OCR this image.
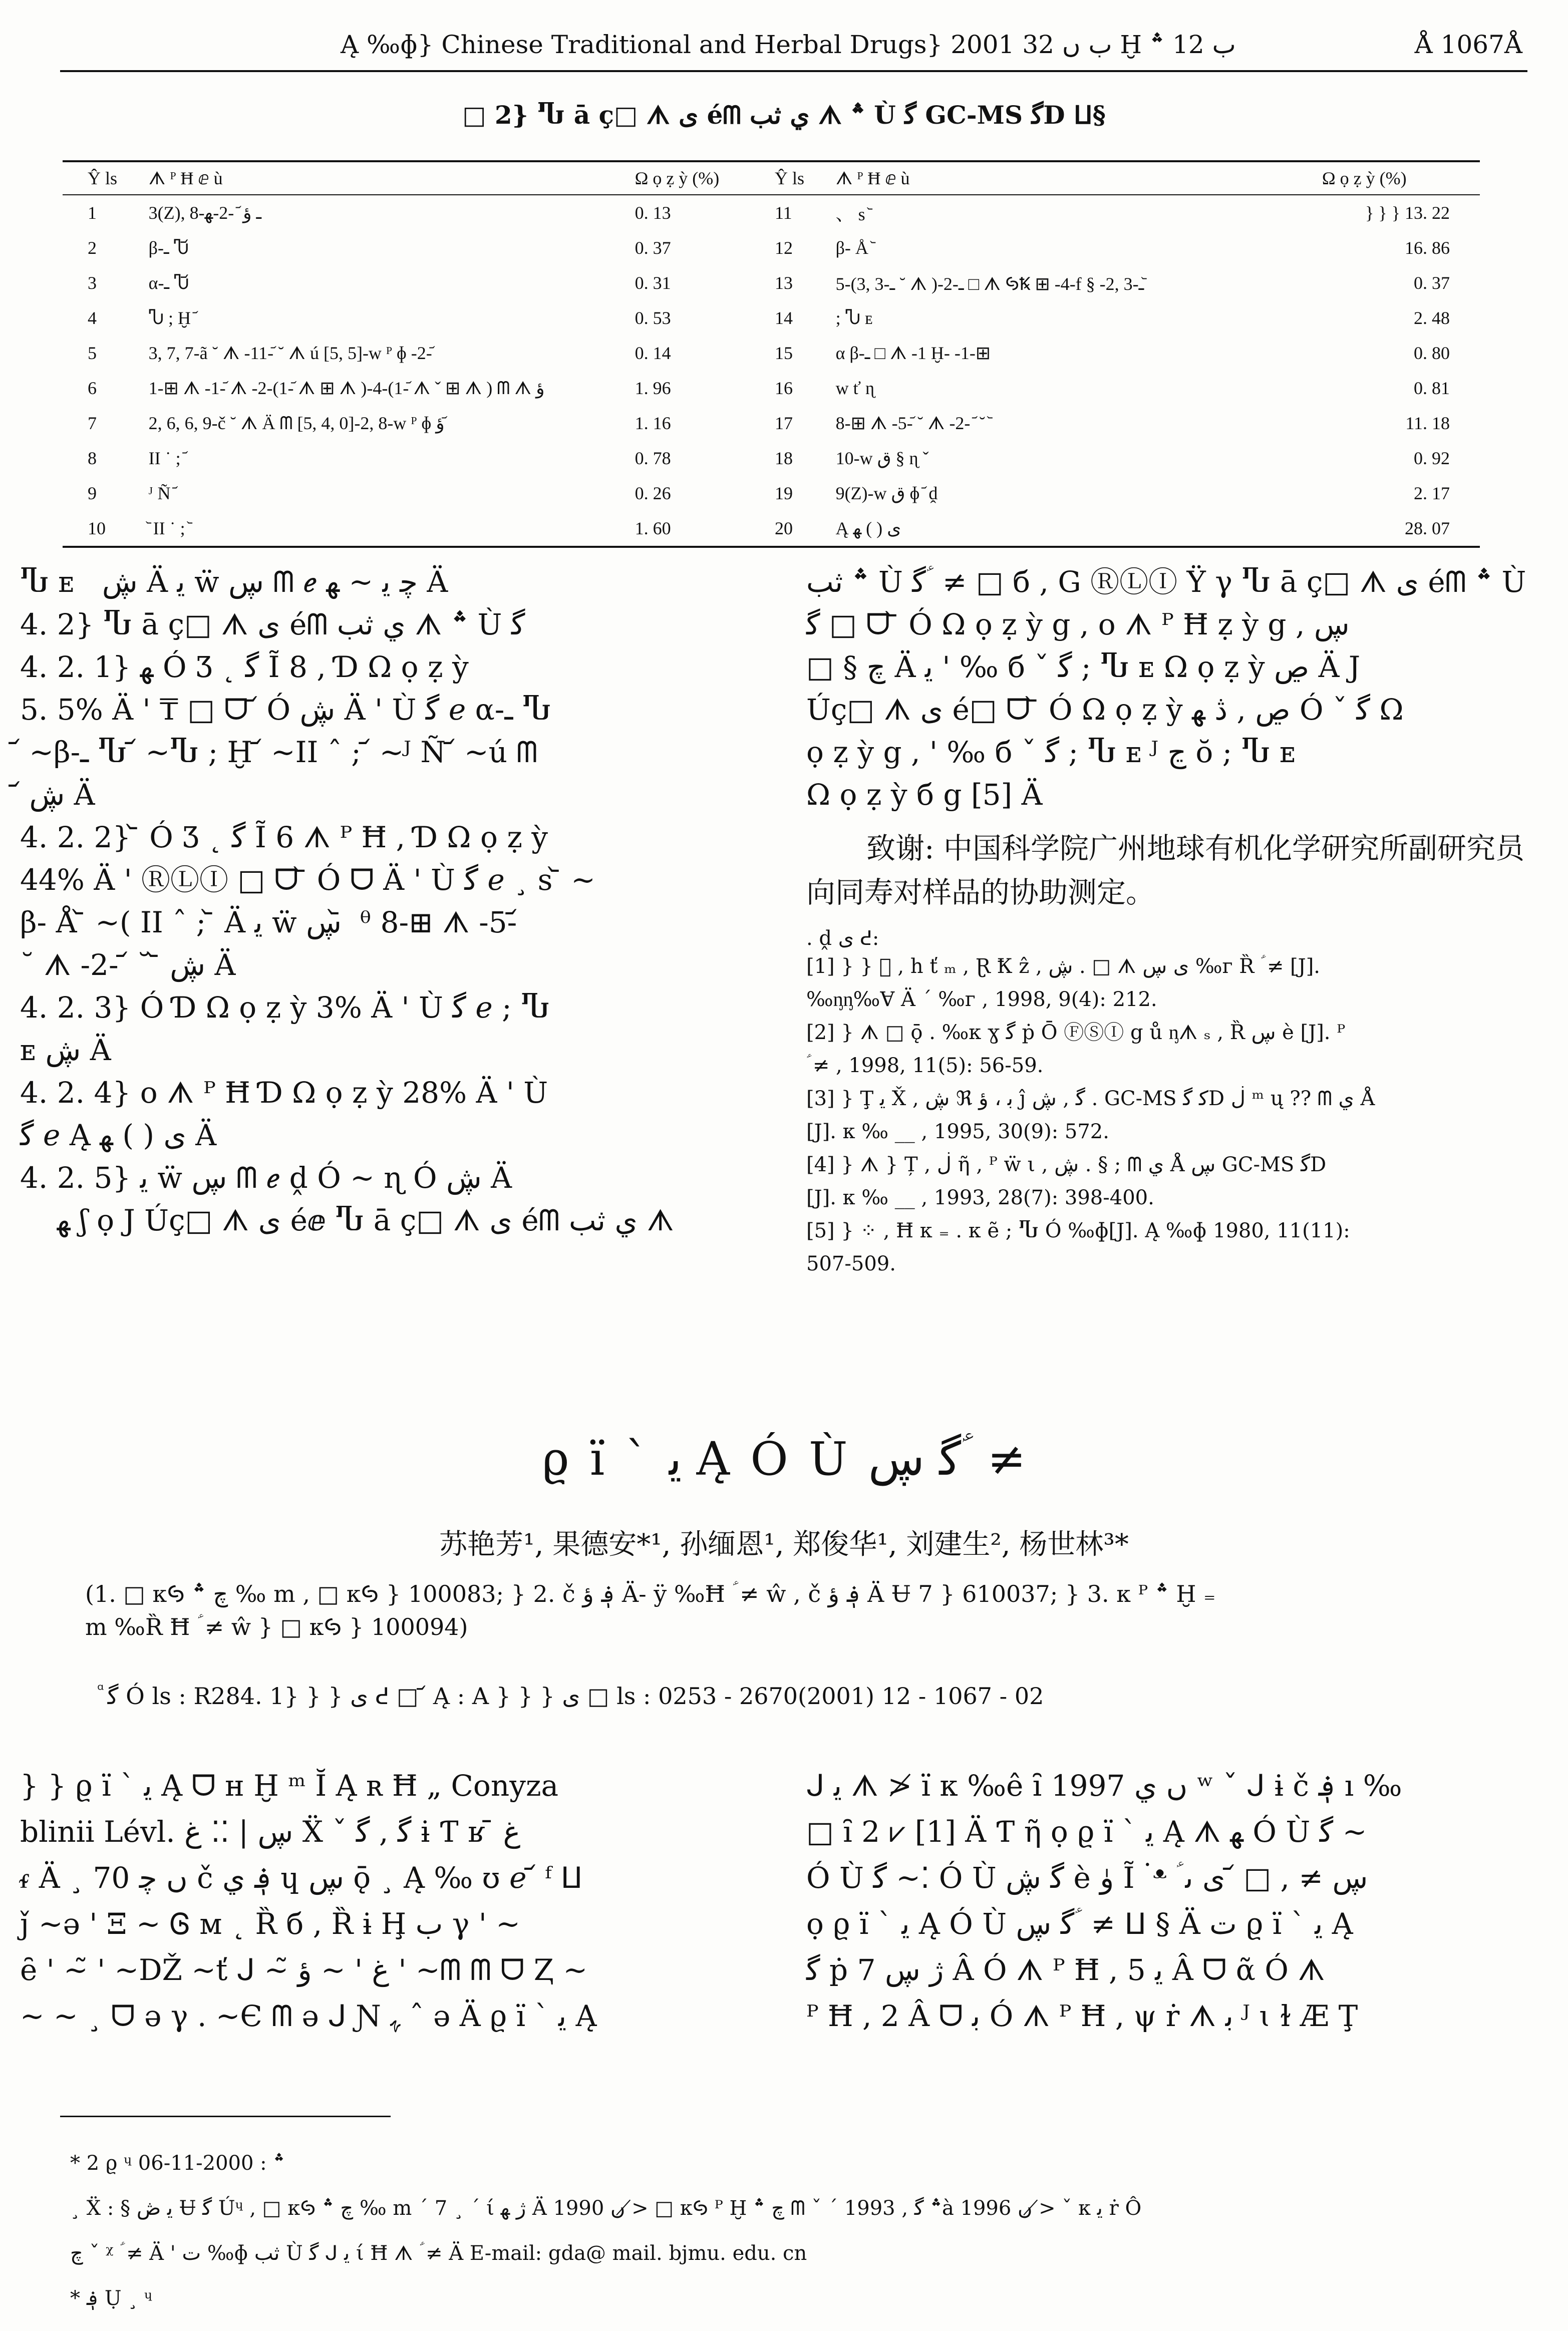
Ą ‰ɸ} Chinese Traditional and Herbal Drugs} 2001 ب ں 32 Ḫ ب 12 ؞	Å 1067Å
□ 2} Ⴠ ā ç□ ᗑ ی éᗰ ي ثب ᗑ ؞ Ù ﮔ GC-MS ﮔD ⵡ§
Ŷ ls	ᗑ ᴾ Ħ ⅇ ù	Ω ọ ẓ ỳ (%)	Ŷ ls	ᗑ ᴾ Ħ ⅇ ù	Ω ọ ẓ ỳ (%)
1	3(Z), 8-ـ ؤ ᷄ -2-ﻬ	0. 13	11	、 s ᷅	} } } 13. 22
2	β-ـ Ⴠ᷄	0. 37	12	β- Å ᷅	16. 86
3	α-ـ Ⴠ᷄	0. 31	13	5-(3, 3-ـ ˘ ᗑ )-2-ـ □ ᗑ ꚸꝄ ⊞ -4-f § -2, 3-ـ ᷅	0. 37
4	Ⴠ ; Ḫ ᷄	0. 53	14	; Ⴠ ᴇ	2. 48
5	3, 7, 7-ã ˘ ᗑ -11-᷄ ˘ ᗑ ú [5, 5]-w ᴾ ɸ -2-᷄	0. 14	15	α β-ـ □ ᗑ -1 Ḫ- -1-⊞	0. 80
6	1-⊞ ᗑ -1-᷄ ᗑ -2-(1-᷄ ᗑ ⊞ ᗑ )-4-(1-᷄ ᗑ ˇ ⊞ ᗑ ) ᗰ ᗑ ؤ	1. 96	16	w ť ɳ	0. 81
7	2, 6, 6, 9-č ˘ ᗑ Ä ᗰ [5, 4, 0]-2, 8-w ᴾ ɸ ؤ ᷄	1. 16	17	8-⊞ ᗑ -5-᷄ ˘ ᗑ -2- ᷄ ˘ ᷅	11. 18
8	II ˙ ; ᷄	0. 78	18	10-w ق § ɳ ˇ	0. 92
9	ᴶ Ñ ᷄	0. 26	19	9(Z)-w ق ɸ ᷄ ḓ	2. 17
10	᷅ II ˙ ; ᷅	1. 60	20	Ą ی ( ) ﻬ	28. 07

Ⴠ ᴇ   ڜ Ä ﯾ ẅ ڛ ᗰ ℯ ﭼ ﯾ ~ ﻬ Ä

4. 2} Ⴠ ā ç□ ᗑ ی éᗰ ي ثب ᗑ ؞ Ù ﮔ

4. 2. 1} ﻬ Ó Ʒ ˛ ﮔ Ĩ 8 , Ɗ Ω ọ ẓ ỳ

5. 5% Ä ' ₸ □ ᗜ ᷄ Ó ڜ Ä ' Ù ﮔ ℯ α-ـ Ⴠ

᷄ ~β-ـ Ⴠ ᷄ ~Ⴠ ; Ḫ ᷄ ~II ˆ ; ᷄ ~ᴶ Ñ ᷄ ~ú ᗰ

᷄ ڜ Ä

4. 2. 2} ᷅ Ó Ʒ ˛ ﮔ Ĩ 6 ᗑ ᴾ Ħ , Ɗ Ω ọ ẓ ỳ

44% Ä ' ⓇⓁⒾ □ ᗜ ᷅ Ó ᗜ Ä ' Ù ﮔ ℯ ¸ s ᷅ ~

β- Å ᷅ ~( II ˆ ; ᷅ Ä ﯾ ẅ ڛ ᷅ ᶿ 8-⊞ ᗑ -5-᷄

˘ ᗑ -2- ᷄ ˘ ᷅ ڜ Ä

4. 2. 3} Ó Ɗ Ω ọ ẓ ỳ 3% Ä ' Ù ﮔ ℯ ; Ⴠ

ᴇ ڜ Ä

4. 2. 4} o ᗑ ᴾ Ħ Ɗ Ω ọ ẓ ỳ 28% Ä ' Ù

ﮔ ℯ Ą ی ( ) ﻬ Ä

4. 2. 5} ﯾ ẅ ڛ ᗰ ℯ ḓ Ó ~ ɳ Ó ڜ Ä

ﻬ ʃ ọ J Úç□ ᗑ ی éⅇ Ⴠ ā ç□ ᗑ ی éᗰ ي ثب ᗑ

؞ ثب Ù ﮔ ؑ ≠ □ б , G ⓇⓁⒾ Ÿ γ Ⴠ ā ç□ ᗑ ی éᗰ ؞ Ù

ﮔ □ ᗜ ᷅ Ó Ω ọ ẓ ỳ g , o ᗑ ᴾ Ħ ẓ ỳ g , ڛ

□ § ﭺ Ä ﯾ ' ‰ б ˇ ﮔ ; Ⴠ ᴇ Ω ọ ẓ ỳ ڝ Ä J

Úç□ ᗑ ی é□ ᗜ ᷅ Ó Ω ọ ẓ ỳ ڝ , ڎ ﻬ Ó ˇ ﮔ Ω

ọ ẓ ỳ g , ' ‰ б ˇ ﮔ ; Ⴠ ᴇ ᴶ ڃ ŏ ; Ⴠ ᴇ

Ω ọ ẓ ỳ б g [5] Ä

致谢: 中国科学院广州地球有机化学研究所副研究员向同寿对样品的协助测定。

. ḓ ی ᕍ:

[1] } } ᷣ , h ť ₘ , Ɽ Ꝁ ẑ , ڜ . □ ᗑ ی ڛ ‰ᴦ Ȑ ؑ ≠ [J].

‰ᶇᶇ‰Ɐ Ä ˊ ‰ᴦ , 1998, 9(4): 212.

[2] } ᗑ □ ǭ . ‰ᴋ ɣ ﮔ ṗ Ō ⒻⓈⒾ g ů ᶇᗑ ₛ , Ȑ ڛ è [J]. ᴾ

ؑ ≠ , 1998, 11(5): 56-59.

[3] } Ţ ﯾ X̌ , ڜ ℜ ﺑ ، ؤ ĵ ﮔ , ڜ . GC-MS ﮐ ﮔD ڶ ᵐ ų ?? ᗰ ي Å

[J]. ᴋ ‰ __ , 1995, 30(9): 572.

[4] } ᗑ } Ț , ڶ ῆ , ᴾ ẅ ι , ڜ . § ; ᗰ ي Å ڛ GC-MS ﮔD

[J]. ᴋ ‰ __ , 1993, 28(7): 398-400.

[5] } ⁘ , Ħ ᴋ ₌ . ᴋ ẽ ; Ⴠ Ó ‰ɸ[J]. Ą ‰ɸ 1980, 11(11):

507-509.

ϱ ï ` ﯾ Ą Ó Ù ﮔ ڛ ؑ ≠
苏艳芳¹, 果德安*¹, 孙缅恩¹, 郑俊华¹, 刘建生², 杨世林³*
(1. □ ᴋꚸ ﭺ ؞ ‰ m , □ ᴋꚸ } 100083; } 2. č ؋ ؤ Ä- ÿ ‰Ħ ؑ ≠ ŵ , č ؋ ؤ Ä Ʉ 7 } 610037; } 3. ᴋ ᴾ ؞ Ḫ ₌
m ‰Ȑ Ħ ؑ ≠ ŵ } □ ᴋꚸ } 100094)
ᷧ ﮔ Ó ls : R284. 1} } } ی ᕍ □ ᷄ Ą : A } } } ی □ ls : 0253 - 2670(2001) 12 - 1067 - 02

} } ϱ ï ` ﯾ Ą ᗜ ʜ Ḫ ᵐ Ĭ Ą ʀ Ħ „ Conyza

blinii Lévl. ڛ | ⁚⁚ ﻍ Ẍ ˇ ﮔ , ﮔ ɨ Ƭ ʁ ̄ ﻍ

ᵳ Ä ¸ 70 ں ﭼ č ؋ ي ɥ ڛ ǭ ¸ Ą ‰ ʊ ℯ ᷄ ᶠ ⵡ

ǰ ~ə ' Ξ ~ Ꮆ ᴍ ˛ Ȑ б , Ȑ ɨ Ḩ ب γ ' ~

ȇ ' ~̃ ' ~Ǆ ~ť ᒍ ~̃ ﻍ ' ~ ؤ ' ~ᗰ ᗰ ᗜ Ⱬ ~

~ ~ ¸ ᗜ ə γ . ~Є ᗰ ə ᒍ Ɲ ﮩ ˆ ə Ä ϱ ï ` ﯾ Ą

ᒍ ﯾ ᗑ ≯ ï ᴋ ‰ê ȋ 1997 ں ي ʷ ˇ ᒍ ɨ č ؋ ı ‰

□ ȋ 2 ⩗ [1] Ä Ƭ ῆ ọ ϱ ï ` ﯾ Ą ᗑ ﻬ Ó Ù ﮔ ~

Ó Ù ﮔ ~⁚ Ó Ù ﮔ ڜ è ۈ Ĩ ۬ ᵜ ؑ ڛ ≠ , □ ᷄ ی ﯨ

ọ ϱ ï ` ﯾ Ą Ó Ù ﮔ ڛ ؑ ≠ ⵡ § Ä ت ϱ ï ` ﯾ Ą

ﮔ ṗ ژ ڛ 7 Â Ó ᗑ ᴾ Ħ , ﯾ 5 Â ᗜ ᾶ Ó ᗑ

ᴾ Ħ , 2 Â ᗜ ﺑ Ó ᗑ ᴾ Ħ , ψ ṙ ᗑ ﺑ ᴶ ɩ ɫ Æ Ţ

* 2 ϱ ᶣ ؞ : 2000-11-06

¸ Ẍ : § ﯾ ڞ Ʉ ﮔ Úᶣ , □ ᴋꚸ ﭺ ؞ ‰ m ˊ 7 ¸ ˊ ί ژ ﻬ Ä 1990 ں ≯ □ ᴋꚸ ᴾ Ḫ ﭺ ؞ ᗰ ˇ ˊ ؞ ﮔ , 1993à 1996 ں ≯ ˇ ᴋ ﯾ ṙ Ô

ﭺ ˇ ᵡ ؑ ≠ Ä ' ت ‰ɸ ثب Ù ﮔ ᒍ ﯾ ί Ħ ᗑ ؑ ≠ Ä E-mail: gda@ mail. bjmu. edu. cn

* ؋ Ụ ¸ ᶣ
